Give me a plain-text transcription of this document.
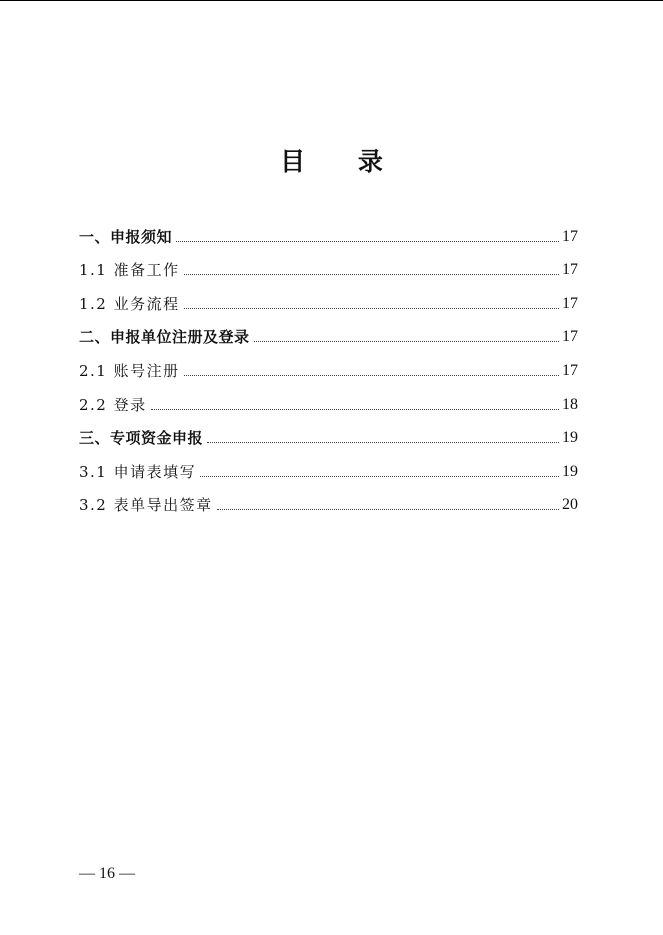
目 录
一、申报须知	17
1.1 准备工作	17
1.2 业务流程	17
二、申报单位注册及登录	17
2.1 账号注册	17
2.2 登录	18
三、专项资金申报	19
3.1 申请表填写	19
3.2 表单导出签章	20
— 16 —
